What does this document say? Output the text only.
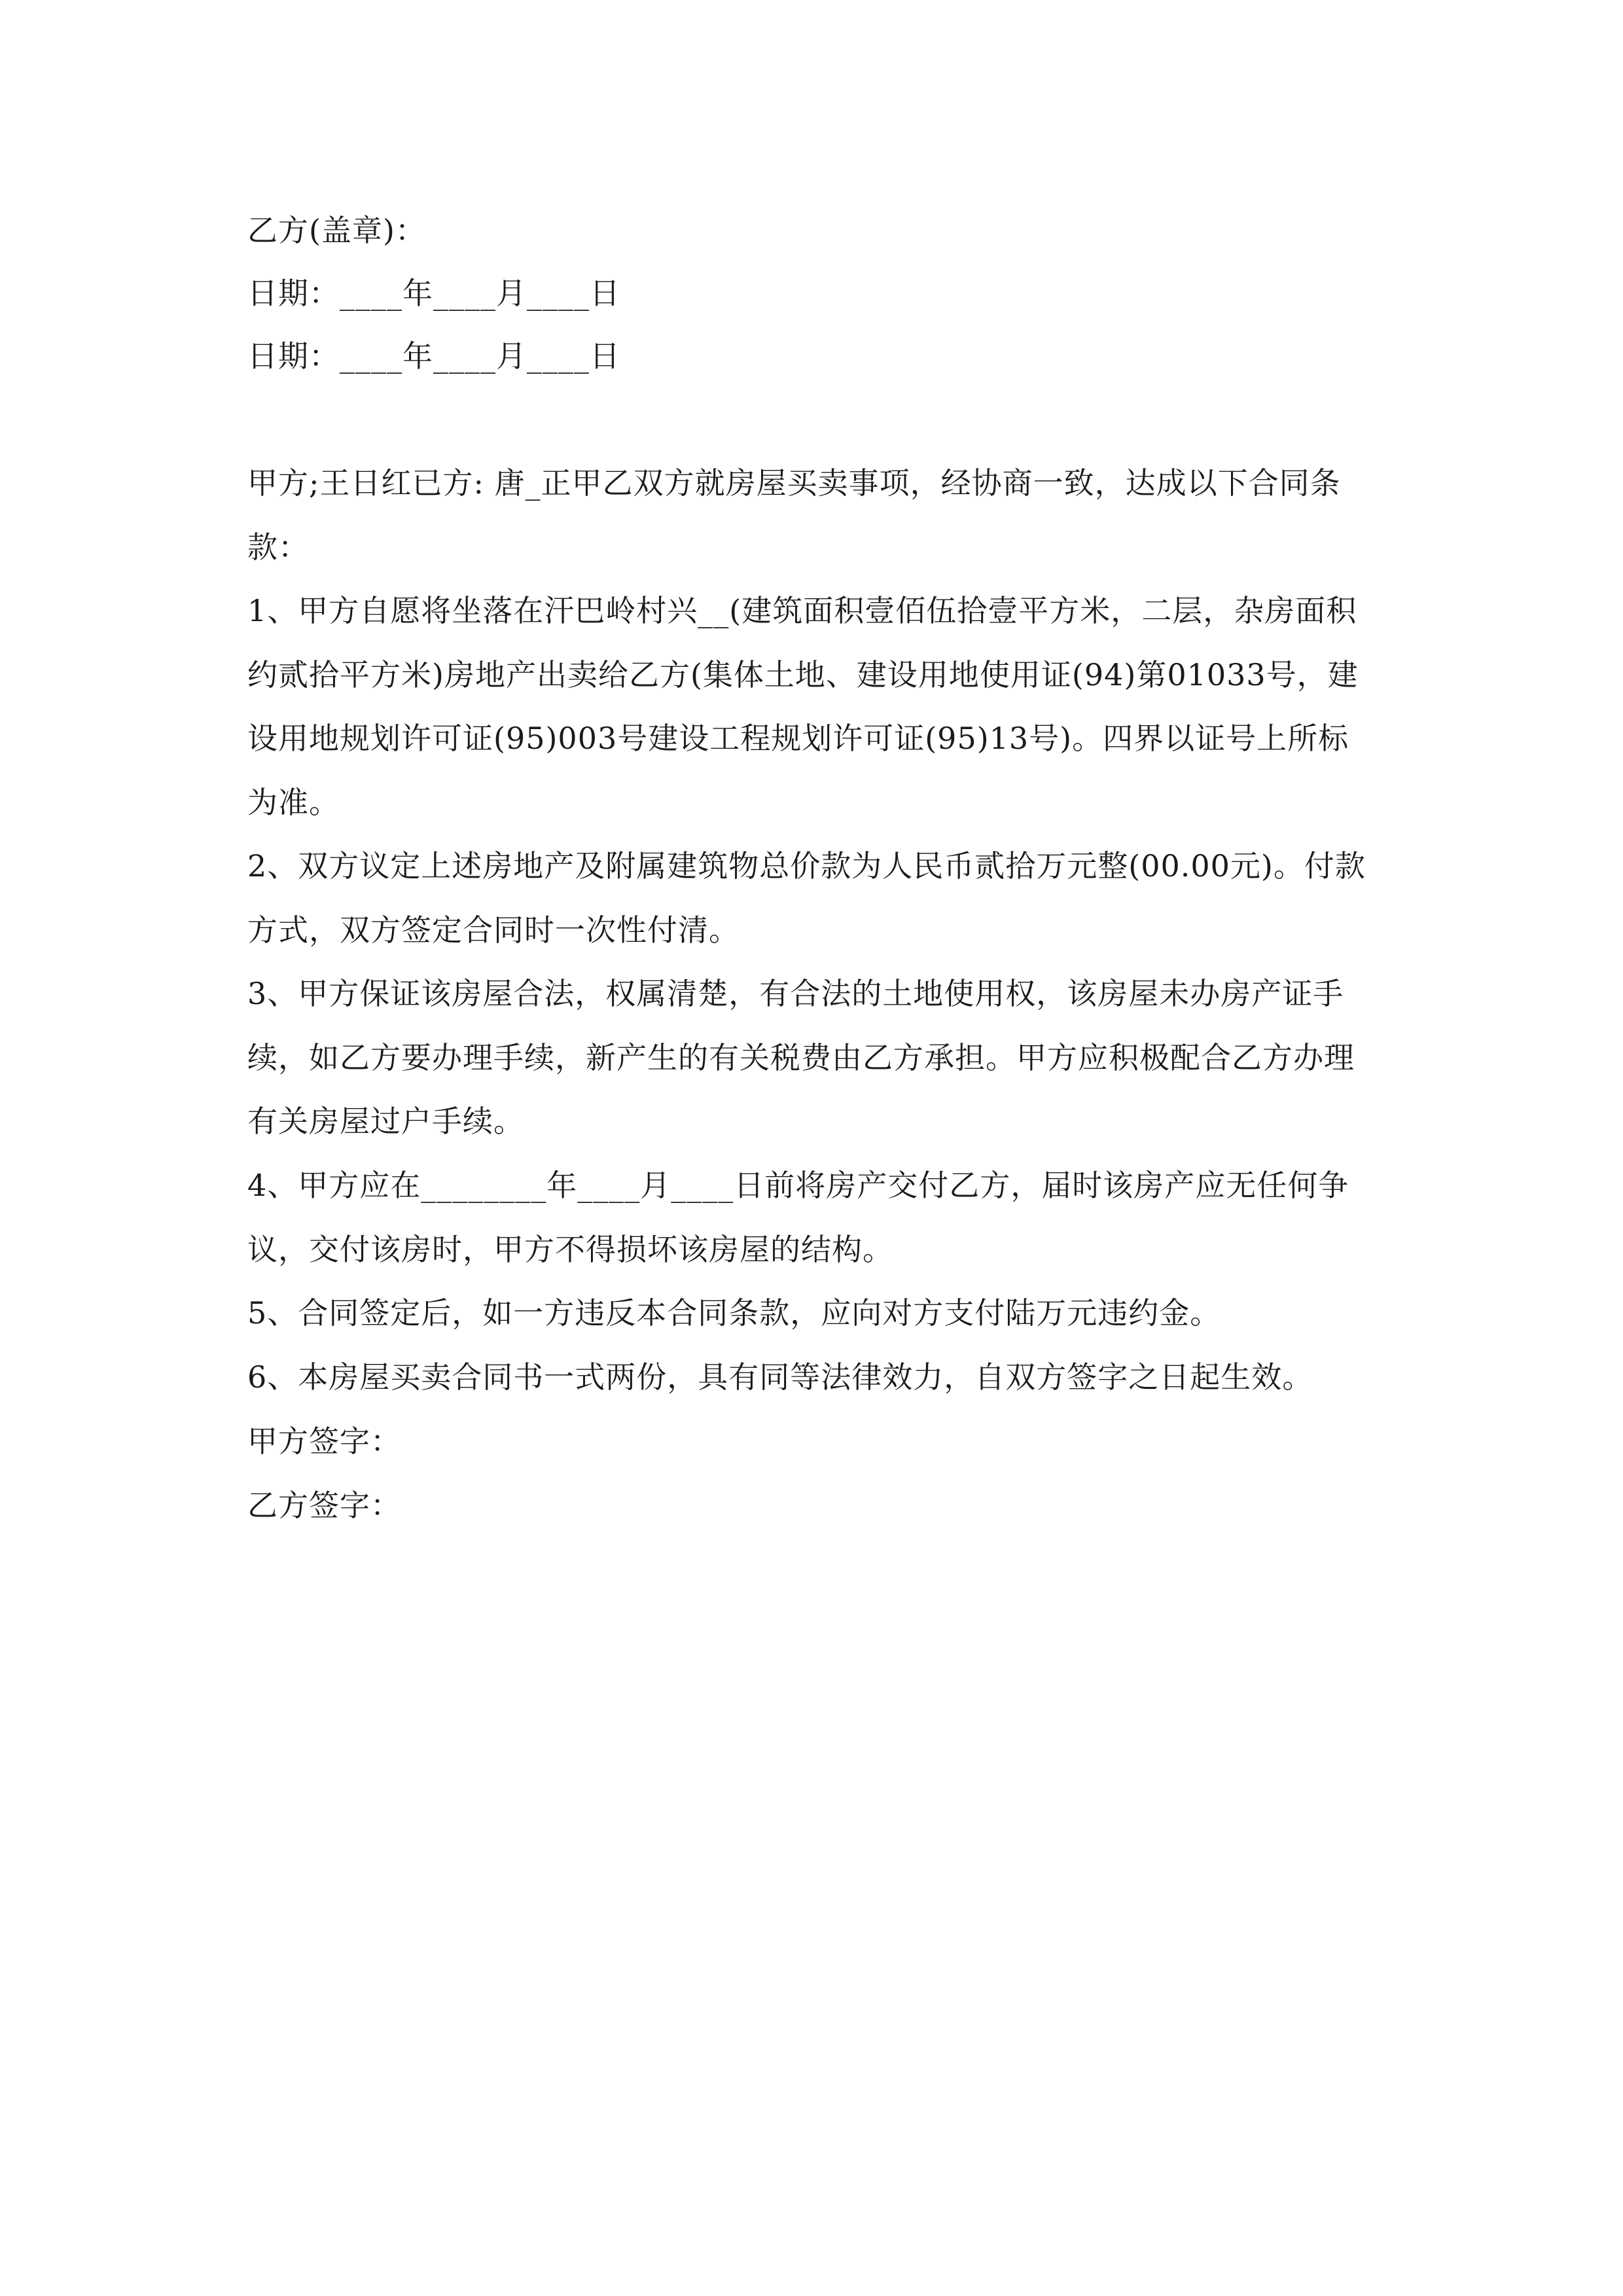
乙方(盖章)：
日期：____年____月____日
日期：____年____月____日
甲方;王日红已方: 唐_正甲乙双方就房屋买卖事项，经协商一致，达成以下合同条款：
1、甲方自愿将坐落在汗巴岭村兴__(建筑面积壹佰伍拾壹平方米，二层，杂房面积约贰拾平方米)房地产出卖给乙方(集体土地、建设用地使用证(94)第01033号，建设用地规划许可证(95)003号建设工程规划许可证(95)13号)。四界以证号上所标为准。
2、双方议定上述房地产及附属建筑物总价款为人民币贰拾万元整(00.00元)。付款方式，双方签定合同时一次性付清。
3、甲方保证该房屋合法，权属清楚，有合法的土地使用权，该房屋未办房产证手续，如乙方要办理手续，新产生的有关税费由乙方承担。甲方应积极配合乙方办理有关房屋过户手续。
4、甲方应在________年____月____日前将房产交付乙方，届时该房产应无任何争议，交付该房时，甲方不得损坏该房屋的结构。
5、合同签定后，如一方违反本合同条款，应向对方支付陆万元违约金。
6、本房屋买卖合同书一式两份，具有同等法律效力，自双方签字之日起生效。
甲方签字：
乙方签字：
